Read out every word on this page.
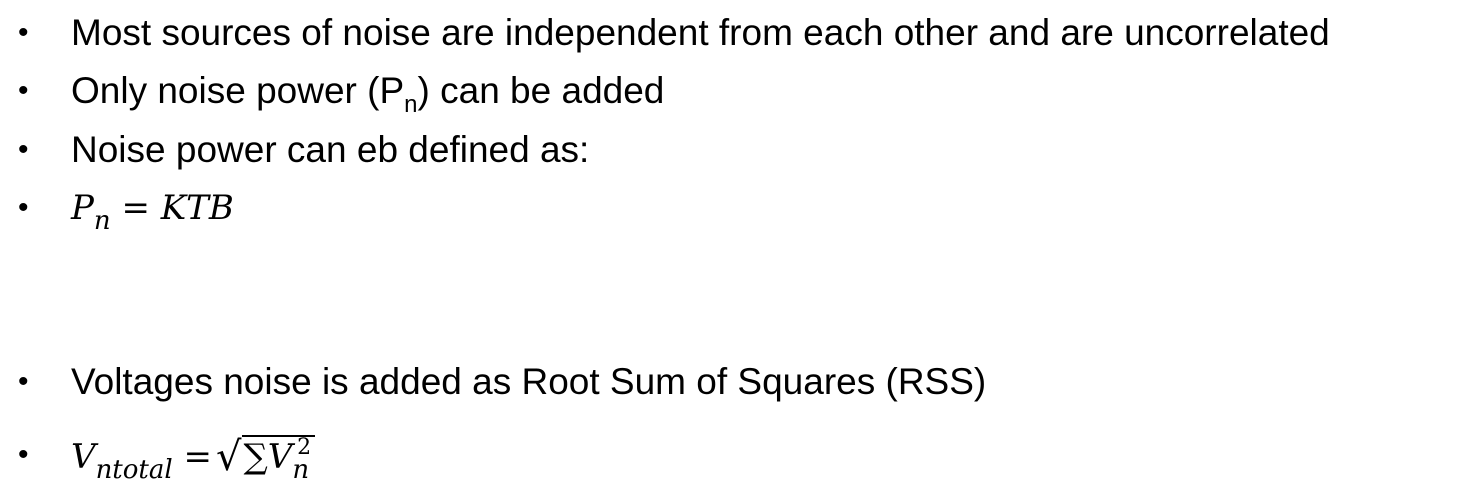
• Most sources of noise are independent from each other and are uncorrelated
• Only noise power $(P_n)$ can be added
• Noise power can eb defined as:
• $P_n$ = KTB
• Voltages noise is added as Root Sum of Squares (RSS)
• $V_{ntotal} = √\sum V_n^2$
